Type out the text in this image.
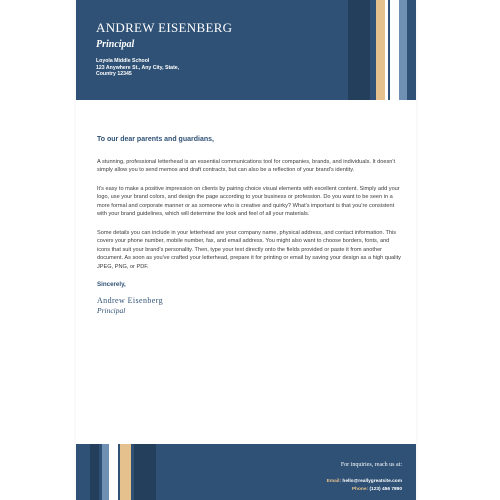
ANDREW EISENBERG
Principal
Loyola Middle School
123 Anywhere St., Any City, State,
Country 12345
To our dear parents and guardians,

A stunning, professional letterhead is an essential communications tool for companies, brands, and individuals. It doesn't simply allow you to send memos and draft contracts, but can also be a reflection of your brand's identity.

It's easy to make a positive impression on clients by pairing choice visual elements with excellent content. Simply add your logo, use your brand colors, and design the page according to your business or profession. Do you want to be seen in a more formal and corporate manner or as someone who is creative and quirky? What's important is that you're consistent with your brand guidelines, which will determine the look and feel of all your materials.

Some details you can include in your letterhead are your company name, physical address, and contact information. This covers your phone number, mobile number, fax, and email address. You might also want to choose borders, fonts, and icons that suit your brand's personality. Then, type your text directly onto the fields provided or paste it from another document. As soon as you've crafted your letterhead, prepare it for printing or email by saving your design as a high quality JPEG, PNG, or PDF.

Sincerely,
Andrew Eisenberg
Principal
For inquiries, reach us at:
Email: hello@reallygreatsite.com
Phone: (123) 456 7890
